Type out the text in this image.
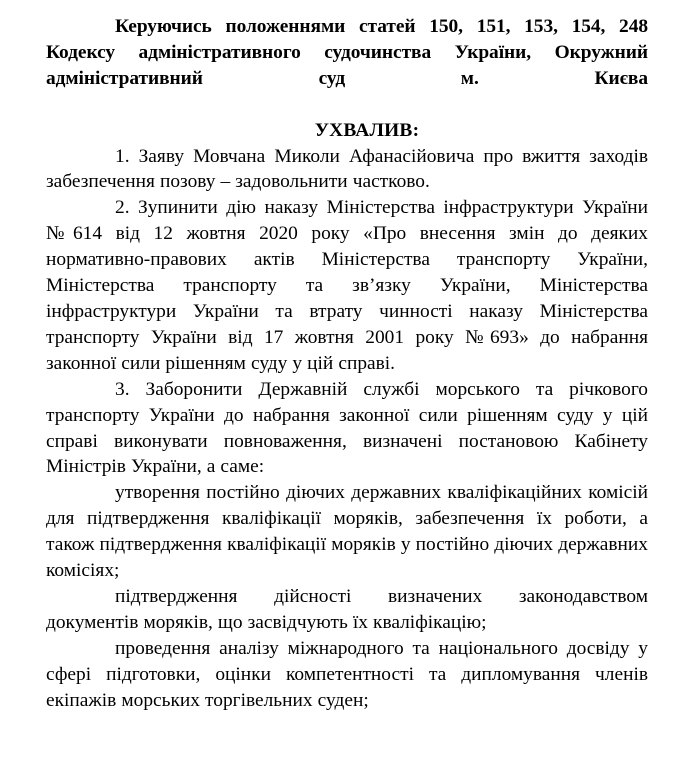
Керуючись положеннями статей 150, 151, 153, 154, 248 Кодексу адміністративного судочинства України, Окружний адміністративний суд м. Києва

УХВАЛИВ:

1. Заяву Мовчана Миколи Афанасійовича про вжиття заходів забезпечення позову – задовольнити частково.

2. Зупинити дію наказу Міністерства інфраструктури України №614 від 12 жовтня 2020 року «Про внесення змін до деяких нормативно-правових актів Міністерства транспорту України, Міністерства транспорту та зв’язку України, Міністерства інфраструктури України та втрату чинності наказу Міністерства транспорту України від 17 жовтня 2001 року №693» до набрання законної сили рішенням суду у цій справі.

3. Заборонити Державній службі морського та річкового транспорту України до набрання законної сили рішенням суду у цій справі виконувати повноваження, визначені постановою Кабінету Міністрів України, а саме:

утворення постійно діючих державних кваліфікаційних комісій для підтвердження кваліфікації моряків, забезпечення їх роботи, а також підтвердження кваліфікації моряків у постійно діючих державних комісіях;

підтвердження дійсності визначених законодавством документів моряків, що засвідчують їх кваліфікацію;

проведення аналізу міжнародного та національного досвіду у сфері підготовки, оцінки компетентності та дипломування членів екіпажів морських торгівельних суден;
